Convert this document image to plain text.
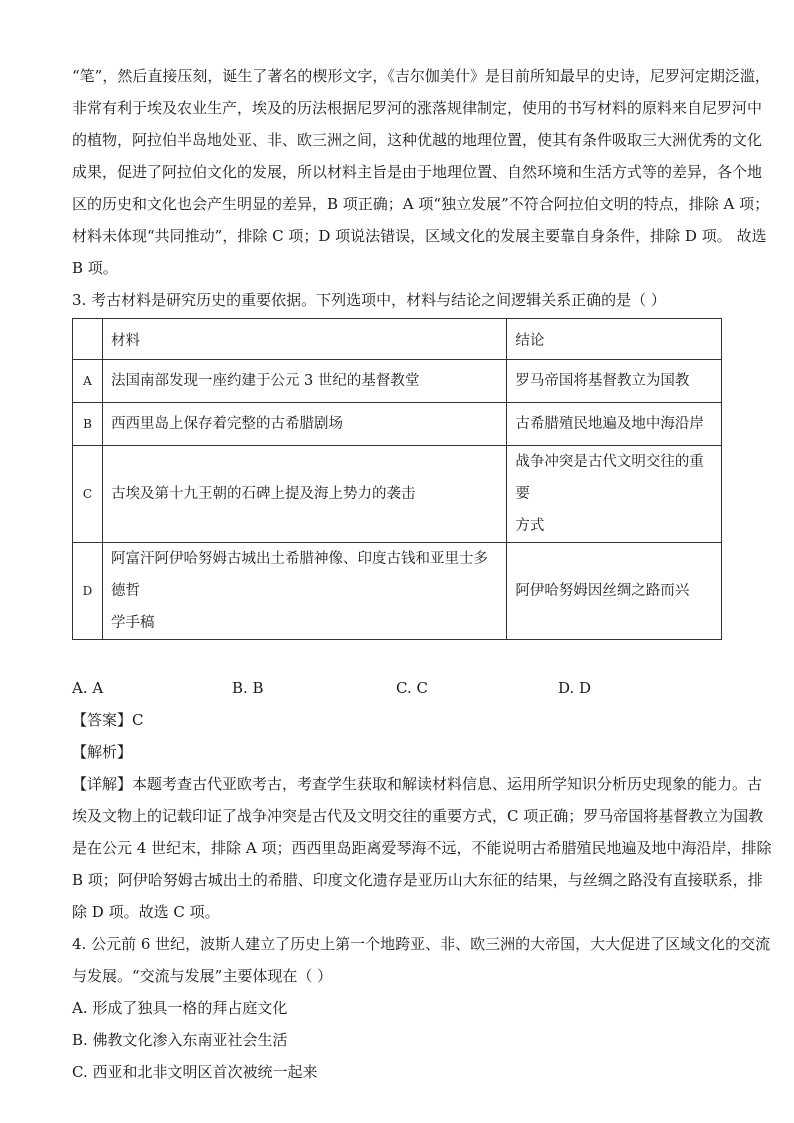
“笔”，然后直接压刻，诞生了著名的楔形文字，《吉尔伽美什》是目前所知最早的史诗，尼罗河定期泛滥，
非常有利于埃及农业生产，埃及的历法根据尼罗河的涨落规律制定，使用的书写材料的原料来自尼罗河中
的植物，阿拉伯半岛地处亚、非、欧三洲之间，这种优越的地理位置，使其有条件吸取三大洲优秀的文化
成果，促进了阿拉伯文化的发展，所以材料主旨是由于地理位置、自然环境和生活方式等的差异，各个地
区的历史和文化也会产生明显的差异，B 项正确；A 项“独立发展”不符合阿拉伯文明的特点，排除 A 项；
材料未体现“共同推动”，排除 C 项；D 项说法错误，区域文化的发展主要靠自身条件，排除 D 项。 故选
B 项。

3. 考古材料是研究历史的重要依据。下列选项中，材料与结论之间逻辑关系正确的是（ ）

	材料	结论
A	法国南部发现一座约建于公元 3 世纪的基督教堂	罗马帝国将基督教立为国教

B	西西里岛上保存着完整的古希腊剧场	古希腊殖民地遍及地中海沿岸

C	古埃及第十九王朝的石碑上提及海上势力的袭击	战争冲突是古代文明交往的重要
方式

D	阿富汗阿伊哈努姆古城出土希腊神像、印度古钱和亚里士多德哲
学手稿	阿伊哈努姆因丝绸之路而兴
A. A	B. B	C. C	D. D

【答案】C

【解析】

【详解】本题考查古代亚欧考古，考查学生获取和解读材料信息、运用所学知识分析历史现象的能力。古
埃及文物上的记载印证了战争冲突是古代及文明交往的重要方式，C 项正确；罗马帝国将基督教立为国教
是在公元 4 世纪末，排除 A 项；西西里岛距离爱琴海不远，不能说明古希腊殖民地遍及地中海沿岸，排除
B 项；阿伊哈努姆古城出土的希腊、印度文化遗存是亚历山大东征的结果，与丝绸之路没有直接联系，排
除 D 项。故选 C 项。
4. 公元前 6 世纪，波斯人建立了历史上第一个地跨亚、非、欧三洲的大帝国，大大促进了区域文化的交流
与发展。“交流与发展”主要体现在（ ）
A. 形成了独具一格的拜占庭文化
B. 佛教文化渗入东南亚社会生活
C. 西亚和北非文明区首次被统一起来
